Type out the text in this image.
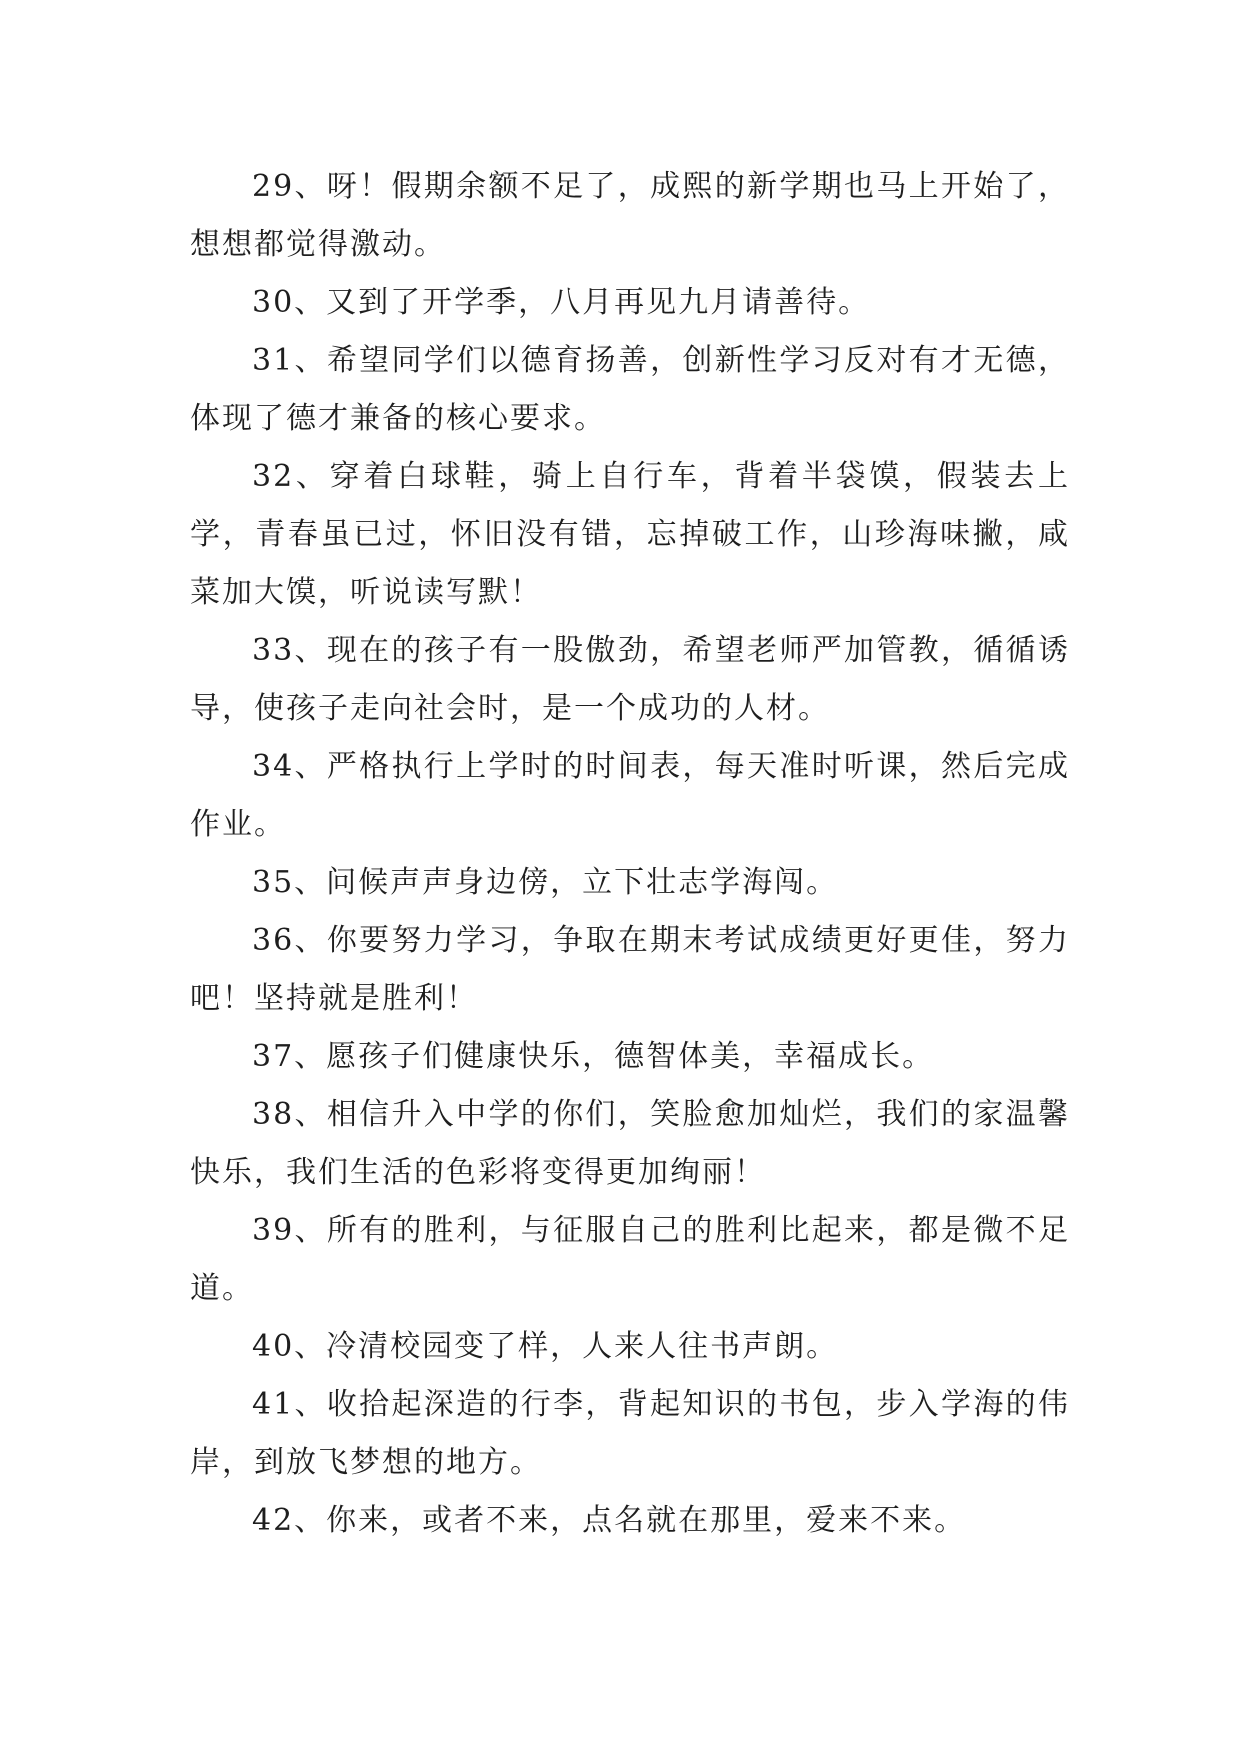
29、呀！假期余额不足了，成熙的新学期也马上开始了，想想都觉得激动。

30、又到了开学季，八月再见九月请善待。

31、希望同学们以德育扬善，创新性学习反对有才无德，体现了德才兼备的核心要求。

32、穿着白球鞋，骑上自行车，背着半袋馍，假装去上学，青春虽已过，怀旧没有错，忘掉破工作，山珍海味撇，咸菜加大馍，听说读写默！

33、现在的孩子有一股傲劲，希望老师严加管教，循循诱导，使孩子走向社会时，是一个成功的人材。

34、严格执行上学时的时间表，每天准时听课，然后完成作业。

35、问候声声身边傍，立下壮志学海闯。

36、你要努力学习，争取在期末考试成绩更好更佳，努力吧！坚持就是胜利！

37、愿孩子们健康快乐，德智体美，幸福成长。

38、相信升入中学的你们，笑脸愈加灿烂，我们的家温馨快乐，我们生活的色彩将变得更加绚丽！

39、所有的胜利，与征服自己的胜利比起来，都是微不足道。

40、冷清校园变了样，人来人往书声朗。

41、收拾起深造的行李，背起知识的书包，步入学海的伟岸，到放飞梦想的地方。

42、你来，或者不来，点名就在那里，爱来不来。
